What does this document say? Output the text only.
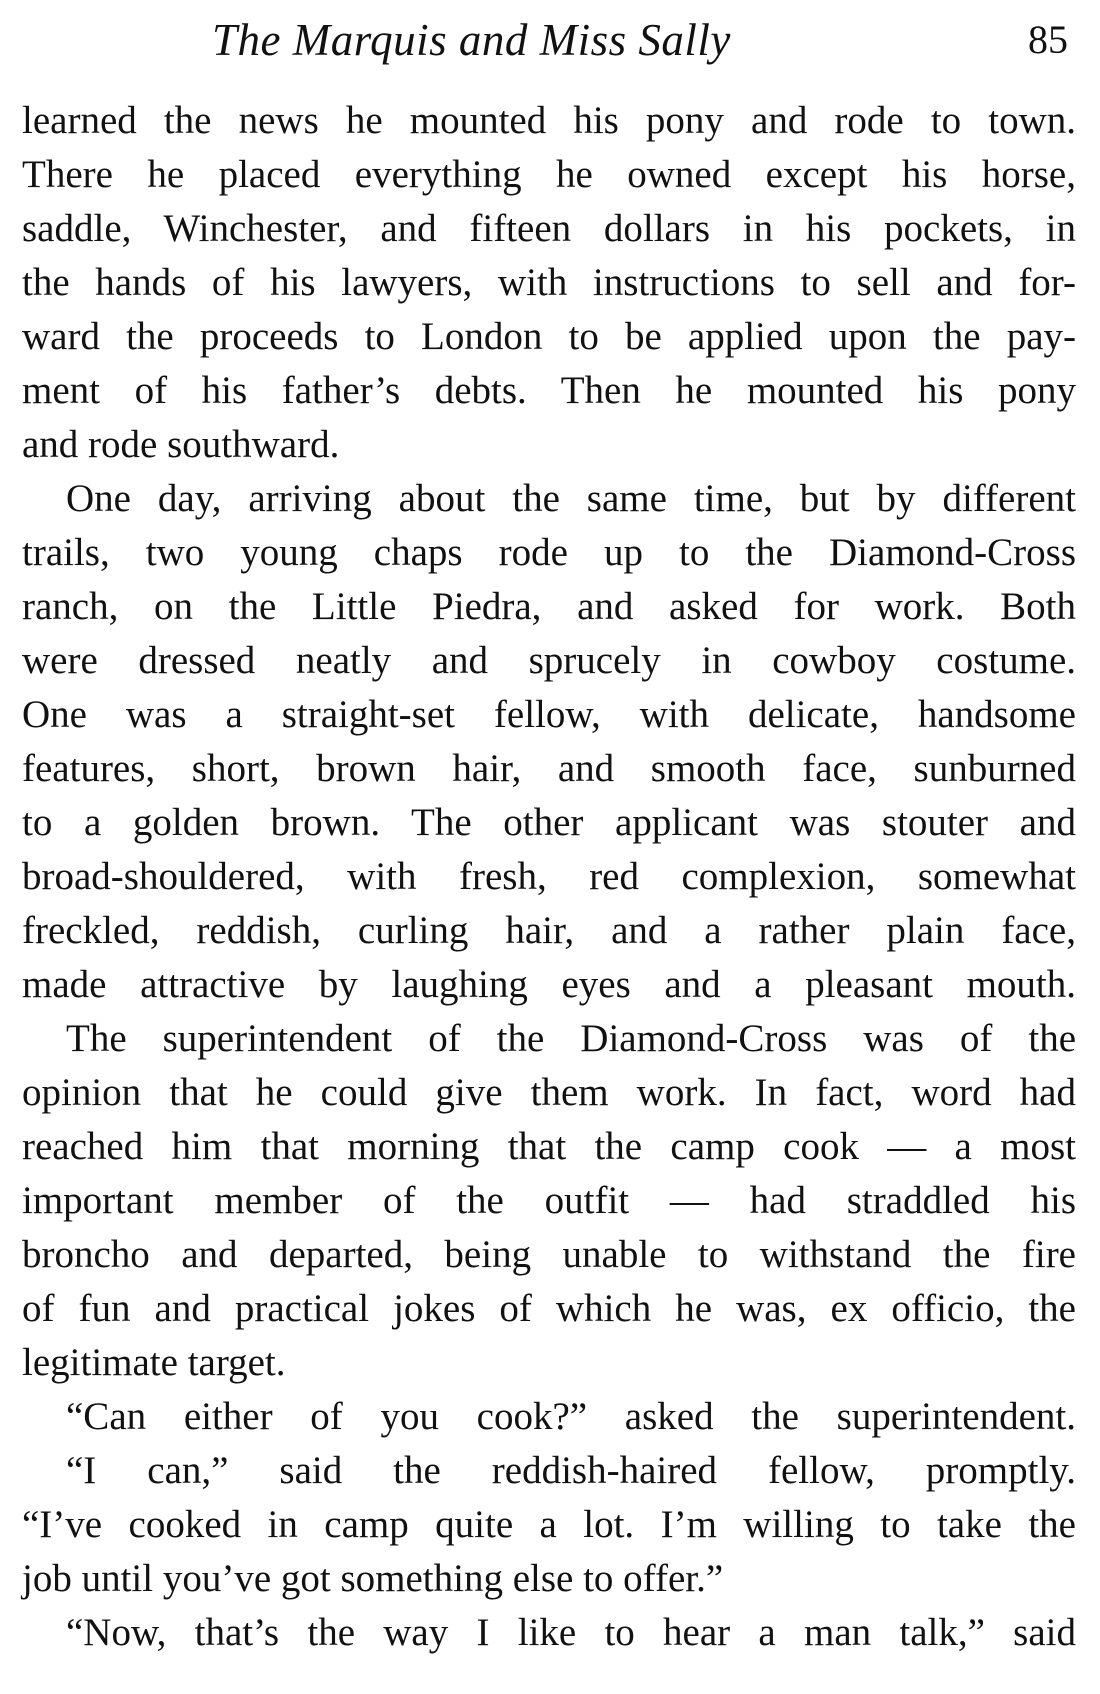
The Marquis and Miss Sally	85
learned the news he mounted his pony and rode to town.
There he placed everything he owned except his horse,
saddle, Winchester, and fifteen dollars in his pockets, in
the hands of his lawyers, with instructions to sell and for-
ward the proceeds to London to be applied upon the pay-
ment of his father’s debts. Then he mounted his pony
and rode southward.
One day, arriving about the same time, but by different
trails, two young chaps rode up to the Diamond-Cross
ranch, on the Little Piedra, and asked for work. Both
were dressed neatly and sprucely in cowboy costume.
One was a straight-set fellow, with delicate, handsome
features, short, brown hair, and smooth face, sunburned
to a golden brown. The other applicant was stouter and
broad-shouldered, with fresh, red complexion, somewhat
freckled, reddish, curling hair, and a rather plain face,
made attractive by laughing eyes and a pleasant mouth.
The superintendent of the Diamond-Cross was of the
opinion that he could give them work. In fact, word had
reached him that morning that the camp cook — a most
important member of the outfit — had straddled his
broncho and departed, being unable to withstand the fire
of fun and practical jokes of which he was, ex officio, the
legitimate target.
“Can either of you cook?” asked the superintendent.
“I can,” said the reddish-haired fellow, promptly.
“I’ve cooked in camp quite a lot. I’m willing to take the
job until you’ve got something else to offer.”
“Now, that’s the way I like to hear a man talk,” said
